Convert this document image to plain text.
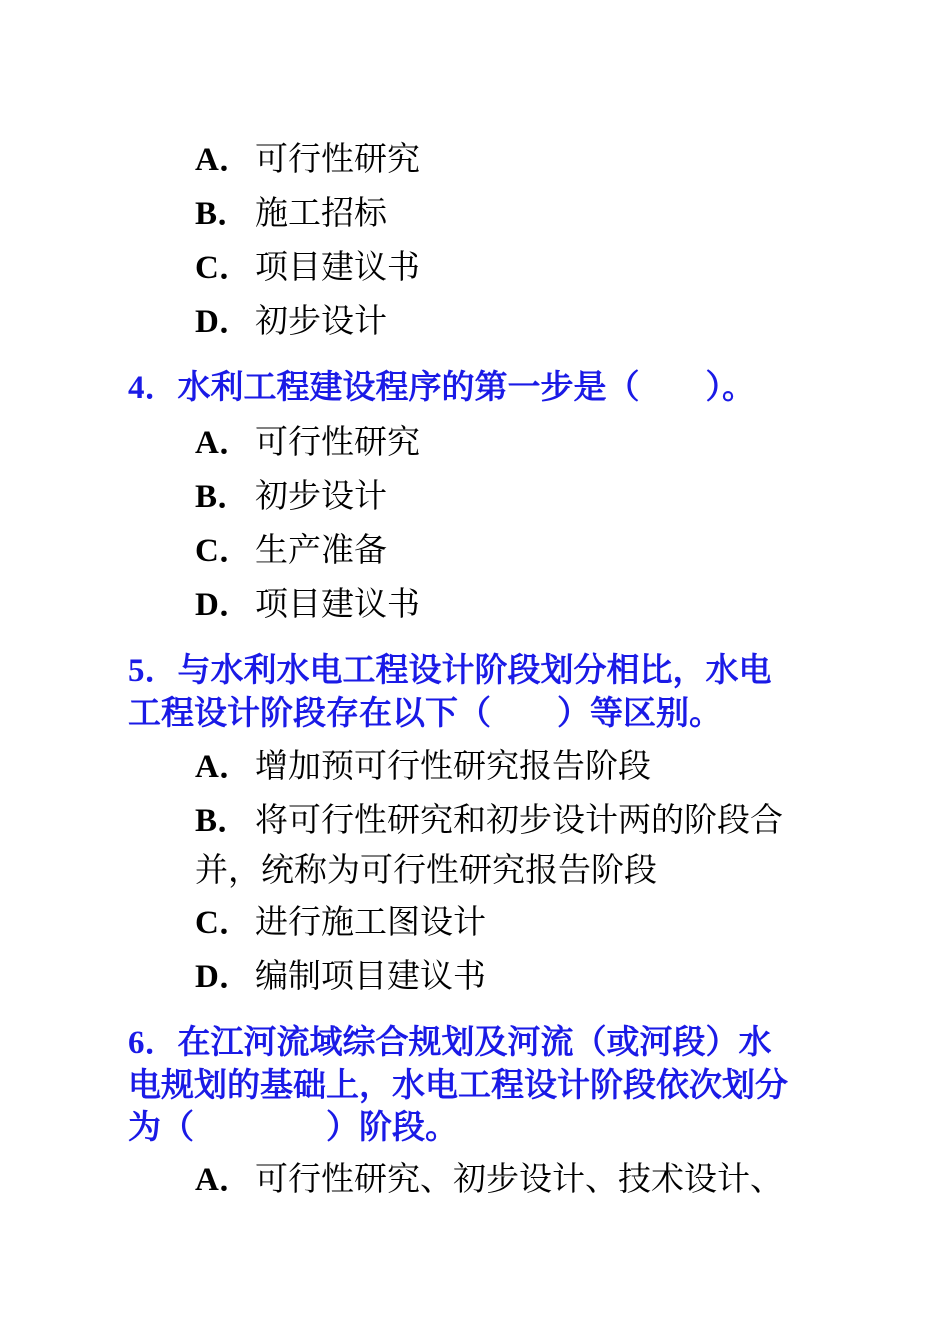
A．可行性研究

B． 施工招标

C．项目建议书

D．初步设计

4．水利工程建设程序的第一步是（　　）。

A．可行性研究

B． 初步设计

C．生产准备

D．项目建议书

5．与水利水电工程设计阶段划分相比，水电
工程设计阶段存在以下（　　）等区别。

A．增加预可行性研究报告阶段

B． 将可行性研究和初步设计两的阶段合

并，统称为可行性研究报告阶段

C．进行施工图设计

D．编制项目建议书

6．在江河流域综合规划及河流（或河段）水
电规划的基础上，水电工程设计阶段依次划分
为（　　　　）阶段。

A．可行性研究、初步设计、技术设计、
